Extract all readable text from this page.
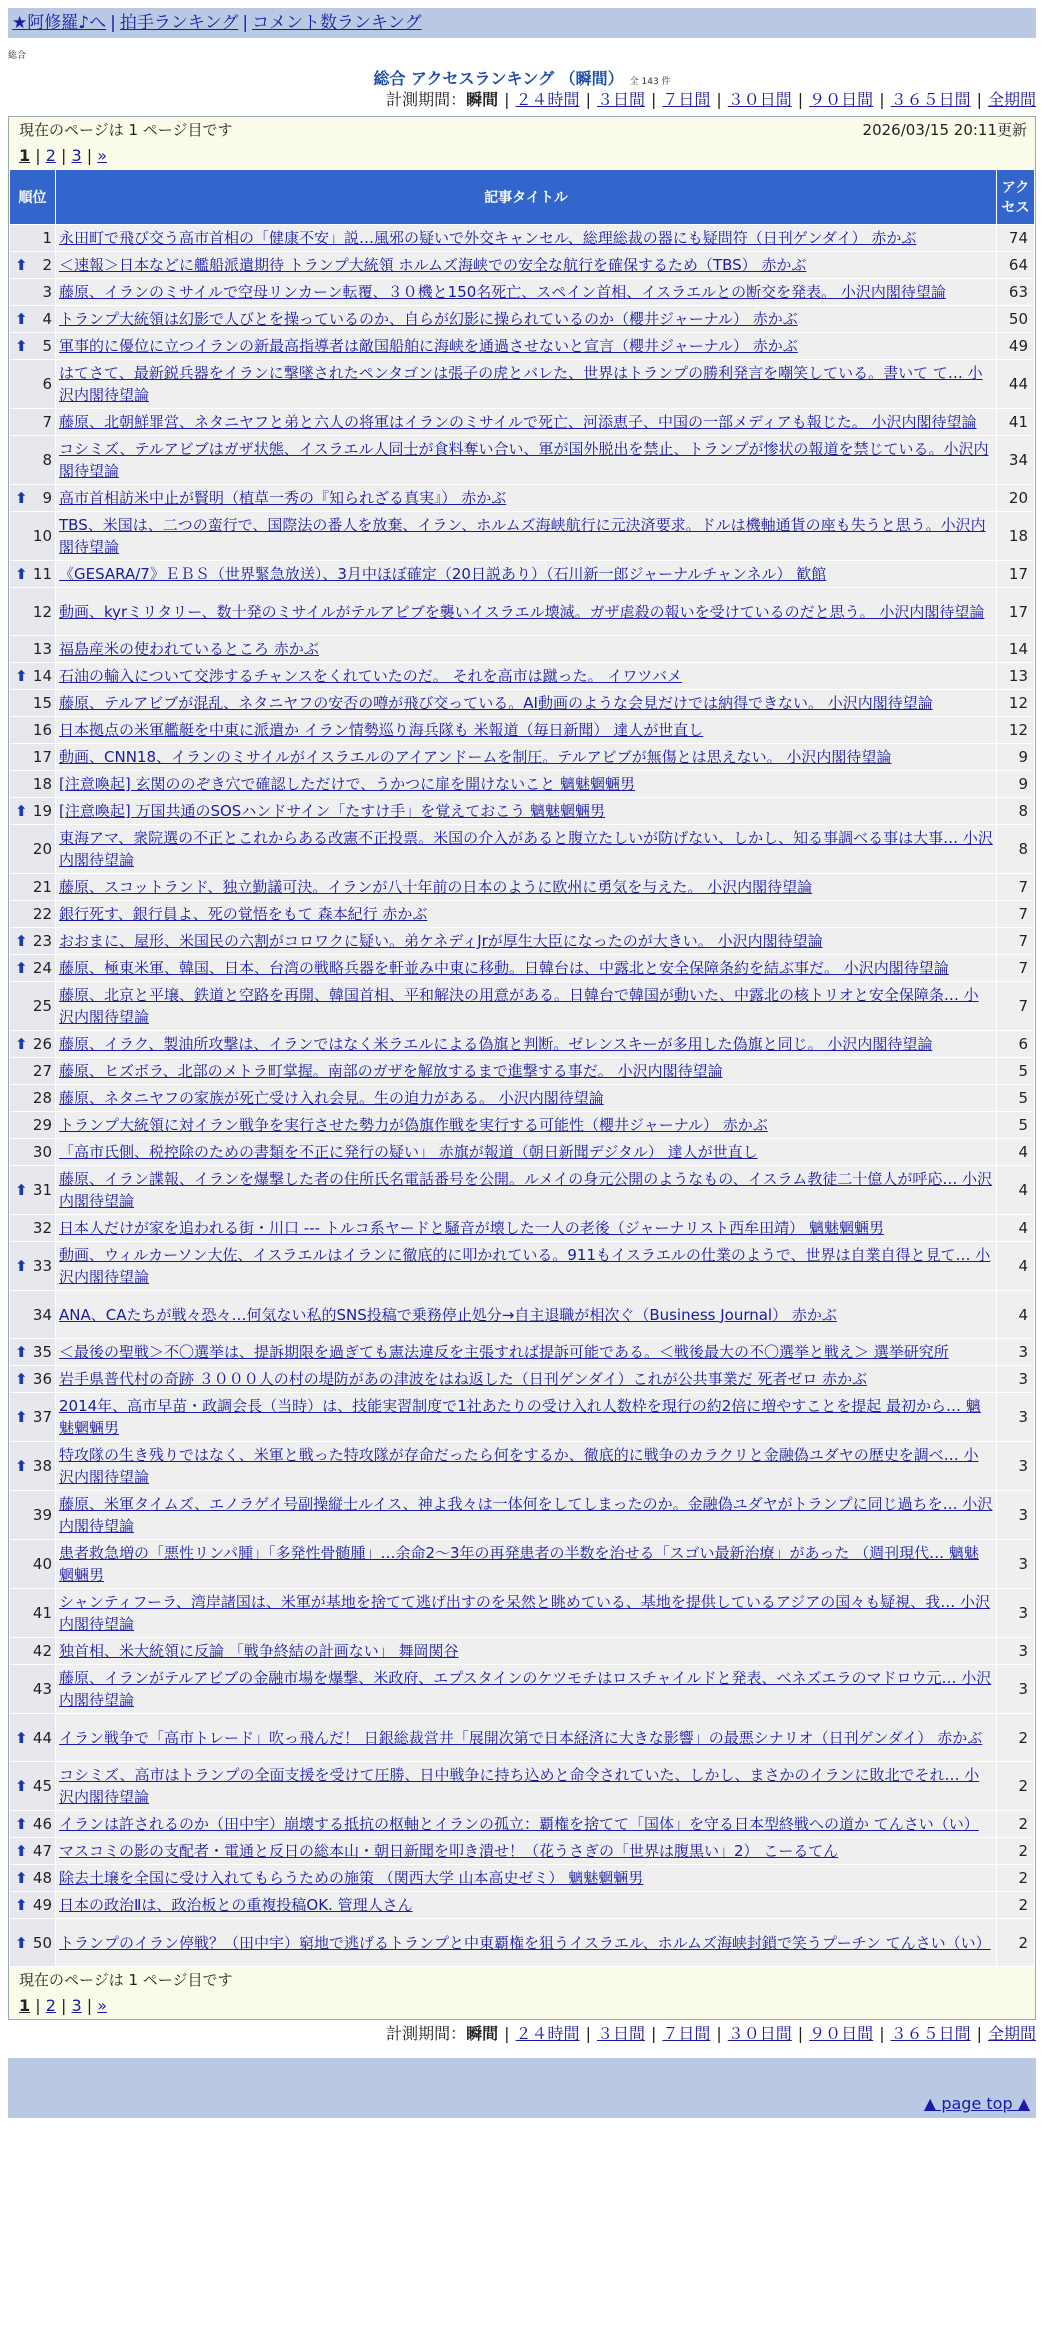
★阿修羅♪へ | 拍手ランキング | コメント数ランキング
総合
総合 アクセスランキング （瞬間） 全 143 件
計測期間：瞬間 | ２４時間 | ３日間 | ７日間 | ３０日間 | ９０日間 | ３６５日間 | 全期間
現在のページは 1 ページ目です	2026/03/15 20:11更新
1 | 2 | 3 | »
順位	記事タイトル	アクセス
1	永田町で飛び交う高市首相の「健康不安」説…風邪の疑いで外交キャンセル、総理総裁の器にも疑問符（日刊ゲンダイ） 赤かぶ	74

⬆ 2	＜速報＞日本などに艦船派遣期待 トランプ大統領 ホルムズ海峡での安全な航行を確保するため（TBS） 赤かぶ	64
3	藤原、イランのミサイルで空母リンカーン転覆、３０機と150名死亡、スペイン首相、イスラエルとの断交を発表。 小沢内閣待望論	63

⬆ 4	トランプ大統領は幻影で人びとを操っているのか、自らが幻影に操られているのか（櫻井ジャーナル） 赤かぶ	50

⬆ 5	軍事的に優位に立つイランの新最高指導者は敵国船舶に海峡を通過させないと宣言（櫻井ジャーナル） 赤かぶ	49
6	はてさて、最新鋭兵器をイランに撃墜されたペンタゴンは張子の虎とバレた、世界はトランプの勝利発言を嘲笑している。書いて て… 小沢内閣待望論	44
7	藤原、北朝鮮罪営、ネタニヤフと弟と六人の将軍はイランのミサイルで死亡、河添恵子、中国の一部メディアも報じた。 小沢内閣待望論	41
8	コシミズ、テルアビブはガザ状態、イスラエル人同士が食料奪い合い、軍が国外脱出を禁止、トランプが惨状の報道を禁じている。小沢内閣待望論	34

⬆ 9	高市首相訪米中止が賢明（植草一秀の『知られざる真実』） 赤かぶ	20
10	TBS、米国は、二つの蛮行で、国際法の番人を放棄、イラン、ホルムズ海峡航行に元決済要求。ドルは機軸通貨の座も失うと思う。小沢内閣待望論	18

⬆ 11	《GESARA/7》ＥＢＳ（世界緊急放送）、3月中ほぼ確定（20日説あり）（石川新一郎ジャーナルチャンネル） 歓館	17
12	動画、kyrミリタリー、数十発のミサイルがテルアビブを襲いイスラエル壊滅。ガザ虐殺の報いを受けているのだと思う。 小沢内閣待望論	17
13	福島産米の使われているところ 赤かぶ	14

⬆ 14	石油の輸入について交渉するチャンスをくれていたのだ。 それを高市は蹴った。 イワツバメ	13
15	藤原、テルアビブが混乱、ネタニヤフの安否の噂が飛び交っている。AI動画のような会見だけでは納得できない。 小沢内閣待望論	12
16	日本拠点の米軍艦艇を中東に派遣か イラン情勢巡り海兵隊も 米報道（毎日新聞） 達人が世直し	12
17	動画、CNN18、イランのミサイルがイスラエルのアイアンドームを制圧。テルアビブが無傷とは思えない。 小沢内閣待望論	9
18	[注意喚起] 玄関ののぞき穴で確認しただけで、うかつに扉を開けないこと 魑魅魍魎男	9

⬆ 19	[注意喚起] 万国共通のSOSハンドサイン「たすけ手」を覚えておこう 魑魅魍魎男	8
20	東海アマ、衆院選の不正とこれからある改憲不正投票。米国の介入があると腹立たしいが防げない、しかし、知る事調べる事は大事… 小沢内閣待望論	8
21	藤原、スコットランド、独立勤議可決。イランが八十年前の日本のように欧州に勇気を与えた。 小沢内閣待望論	7
22	銀行死す、銀行員よ、死の覚悟をもて 森本紀行 赤かぶ	7

⬆ 23	おおまに、屋形、米国民の六割がコロワクに疑い。弟ケネディJrが厚生大臣になったのが大きい。 小沢内閣待望論	7

⬆ 24	藤原、極東米軍、韓国、日本、台湾の戦略兵器を軒並み中東に移動。日韓台は、中露北と安全保障条約を結ぶ事だ。 小沢内閣待望論	7
25	藤原、北京と平壌、鉄道と空路を再開、韓国首相、平和解決の用意がある。日韓台で韓国が動いた、中露北の核トリオと安全保障条… 小沢内閣待望論	7

⬆ 26	藤原、イラク、製油所攻撃は、イランではなく米ラエルによる偽旗と判断。ゼレンスキーが多用した偽旗と同じ。 小沢内閣待望論	6
27	藤原、ヒズボラ、北部のメトラ町掌握。南部のガザを解放するまで進撃する事だ。 小沢内閣待望論	5
28	藤原、ネタニヤフの家族が死亡受け入れ会見。生の迫力がある。 小沢内閣待望論	5
29	トランプ大統領に対イラン戦争を実行させた勢力が偽旗作戦を実行する可能性（櫻井ジャーナル） 赤かぶ	5
30	「高市氏側、税控除のための書類を不正に発行の疑い」 赤旗が報道（朝日新聞デジタル） 達人が世直し	4

⬆ 31	藤原、イラン諜報、イランを爆撃した者の住所氏名電話番号を公開。ルメイの身元公開のようなもの、イスラム教徒二十億人が呼応… 小沢内閣待望論	4
32	日本人だけが家を追われる街・川口 --- トルコ系ヤードと騒音が壊した一人の老後（ジャーナリスト西牟田靖） 魑魅魍魎男	4

⬆ 33	動画、ウィルカーソン大佐、イスラエルはイランに徹底的に叩かれている。911もイスラエルの仕業のようで、世界は自業自得と見て… 小沢内閣待望論	4
34	ANA、CAたちが戦々恐々…何気ない私的SNS投稿で乗務停止処分→自主退職が相次ぐ（Business Journal） 赤かぶ	4

⬆ 35	＜最後の聖戦＞不〇選挙は、提訴期限を過ぎても憲法違反を主張すれば提訴可能である。＜戦後最大の不〇選挙と戦え＞ 選挙研究所	3

⬆ 36	岩手県普代村の奇跡 ３０００人の村の堤防があの津波をはね返した（日刊ゲンダイ）これが公共事業だ 死者ゼロ 赤かぶ	3

⬆ 37	2014年、高市早苗・政調会長（当時）は、技能実習制度で1社あたりの受け入れ人数枠を現行の約2倍に増やすことを提起 最初から… 魑魅魍魎男	3

⬆ 38	特攻隊の生き残りではなく、米軍と戦った特攻隊が存命だったら何をするか、徹底的に戦争のカラクリと金融偽ユダヤの歴史を調べ… 小沢内閣待望論	3
39	藤原、米軍タイムズ、エノラゲイ号副操縦士ルイス、神よ我々は一体何をしてしまったのか。金融偽ユダヤがトランプに同じ過ちを… 小沢内閣待望論	3
40	患者救急増の「悪性リンパ腫」「多発性骨髄腫」…余命2～3年の再発患者の半数を治せる「スゴい最新治療」があった （週刊現代… 魑魅魍魎男	3
41	シャンティフーラ、湾岸諸国は、米軍が基地を捨てて逃げ出すのを呆然と眺めている、基地を提供しているアジアの国々も疑視、我… 小沢内閣待望論	3
42	独首相、米大統領に反論 「戦争終結の計画ない」 舞岡関谷	3
43	藤原、イランがテルアビブの金融市場を爆撃、米政府、エプスタインのケツモチはロスチャイルドと発表、ベネズエラのマドロウ元… 小沢内閣待望論	3

⬆ 44	イラン戦争で「高市トレード」吹っ飛んだ！ 日銀総裁営井「展開次第で日本経済に大きな影響」の最悪シナリオ（日刊ゲンダイ） 赤かぶ	2

⬆ 45	コシミズ、高市はトランプの全面支援を受けて圧勝、日中戦争に持ち込めと命令されていた、しかし、まさかのイランに敗北でそれ… 小沢内閣待望論	2

⬆ 46	イランは許されるのか（田中宇）崩壊する抵抗の枢軸とイランの孤立：覇権を捨てて「国体」を守る日本型終戦への道か てんさい（い）	2

⬆ 47	マスコミの影の支配者・電通と反日の総本山・朝日新聞を叩き潰せ！（花うさぎの「世界は腹黒い」2） こーるてん	2

⬆ 48	除去土壌を全国に受け入れてもらうための施策 （関西大学 山本高史ゼミ） 魑魅魍魎男	2

⬆ 49	日本の政治Ⅱは、政治板との重複投稿OK. 管理人さん	2

⬆ 50	トランプのイラン停戦？（田中宇）窮地で逃げるトランプと中東覇権を狙うイスラエル、ホルムズ海峡封鎖で笑うプーチン てんさい（い）	2
現在のページは 1 ページ目です
1 | 2 | 3 | »
計測期間：瞬間 | ２４時間 | ３日間 | ７日間 | ３０日間 | ９０日間 | ３６５日間 | 全期間
▲ page top ▲
